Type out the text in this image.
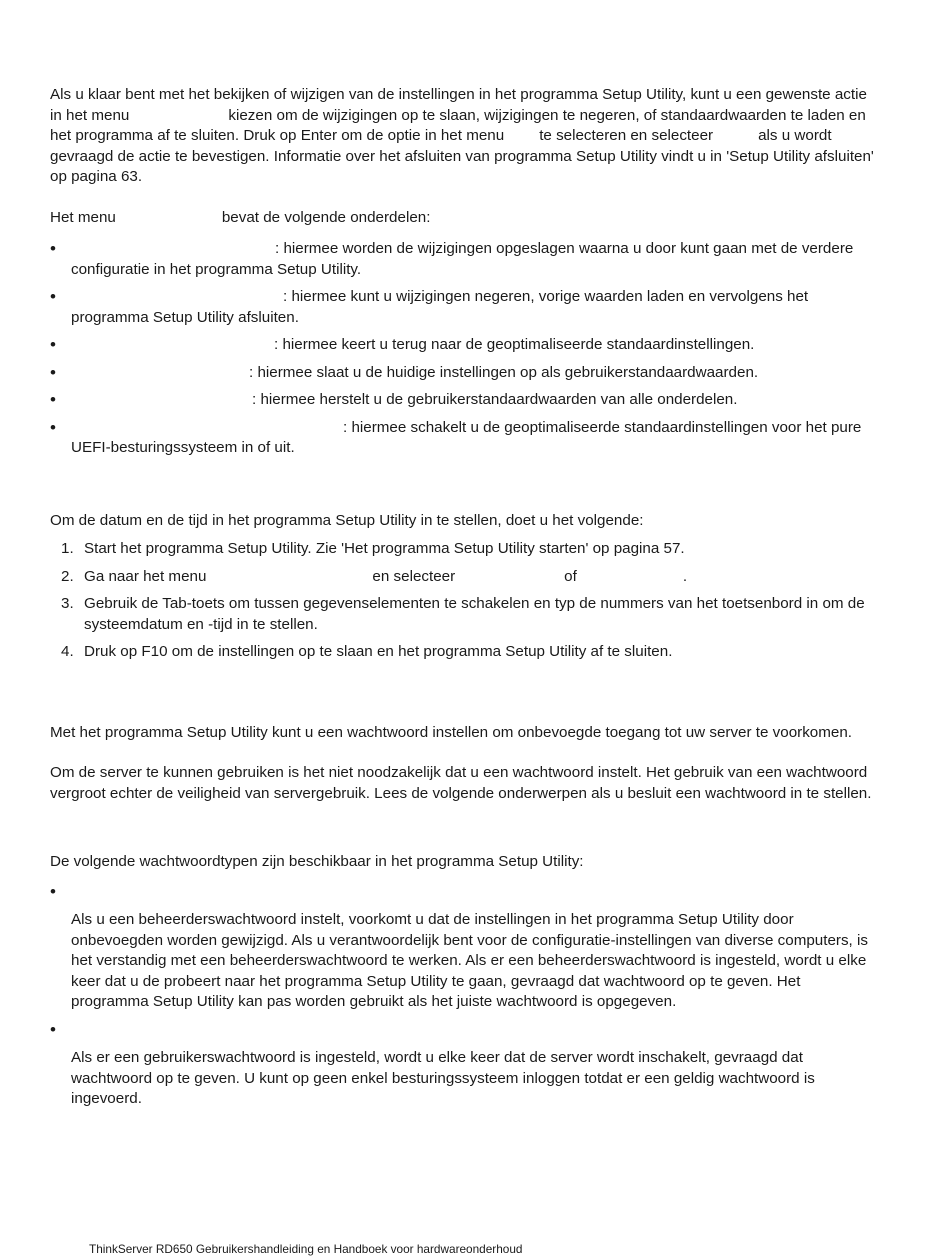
Als u klaar bent met het bekijken of wijzigen van de instellingen in het programma Setup Utility, kunt u een gewenste actie in het menu	kiezen om de wijzigingen op te slaan, wijzigingen te negeren, of standaardwaarden te laden en het programma af te sluiten. Druk op Enter om de optie in het menu te selecteren en selecteer	als u wordt gevraagd de actie te bevestigen. Informatie over het afsluiten van programma Setup Utility vindt u in 'Setup Utility afsluiten' op pagina 63.

Het menu	bevat de volgende onderdelen:

• : hiermee worden de wijzigingen opgeslagen waarna u door kunt gaan met de verdere configuratie in het programma Setup Utility.
• : hiermee kunt u wijzigingen negeren, vorige waarden laden en vervolgens het programma Setup Utility afsluiten.
• : hiermee keert u terug naar de geoptimaliseerde standaardinstellingen.
• : hiermee slaat u de huidige instellingen op als gebruikerstandaardwaarden.
• : hiermee herstelt u de gebruikerstandaardwaarden van alle onderdelen.
• : hiermee schakelt u de geoptimaliseerde standaardinstellingen voor het pure UEFI-besturingssysteem in of uit.

Om de datum en de tijd in het programma Setup Utility in te stellen, doet u het volgende:

1. Start het programma Setup Utility. Zie 'Het programma Setup Utility starten' op pagina 57.
2. Ga naar het menu	en selecteer	of	.
3. Gebruik de Tab-toets om tussen gegevenselementen te schakelen en typ de nummers van het toetsenbord in om de systeemdatum en -tijd in te stellen.
4. Druk op F10 om de instellingen op te slaan en het programma Setup Utility af te sluiten.

Met het programma Setup Utility kunt u een wachtwoord instellen om onbevoegde toegang tot uw server te voorkomen.

Om de server te kunnen gebruiken is het niet noodzakelijk dat u een wachtwoord instelt. Het gebruik van een wachtwoord vergroot echter de veiligheid van servergebruik. Lees de volgende onderwerpen als u besluit een wachtwoord in te stellen.

De volgende wachtwoordtypen zijn beschikbaar in het programma Setup Utility:

• Als u een beheerderswachtwoord instelt, voorkomt u dat de instellingen in het programma Setup Utility door onbevoegden worden gewijzigd. Als u verantwoordelijk bent voor de configuratie-instellingen van diverse computers, is het verstandig met een beheerderswachtwoord te werken. Als er een beheerderswachtwoord is ingesteld, wordt u elke keer dat u de probeert naar het programma Setup Utility te gaan, gevraagd dat wachtwoord op te geven. Het programma Setup Utility kan pas worden gebruikt als het juiste wachtwoord is opgegeven.

• Als er een gebruikerswachtwoord is ingesteld, wordt u elke keer dat de server wordt inschakelt, gevraagd dat wachtwoord op te geven. U kunt op geen enkel besturingssysteem inloggen totdat er een geldig wachtwoord is ingevoerd.

ThinkServer RD650 Gebruikershandleiding en Handboek voor hardwareonderhoud
